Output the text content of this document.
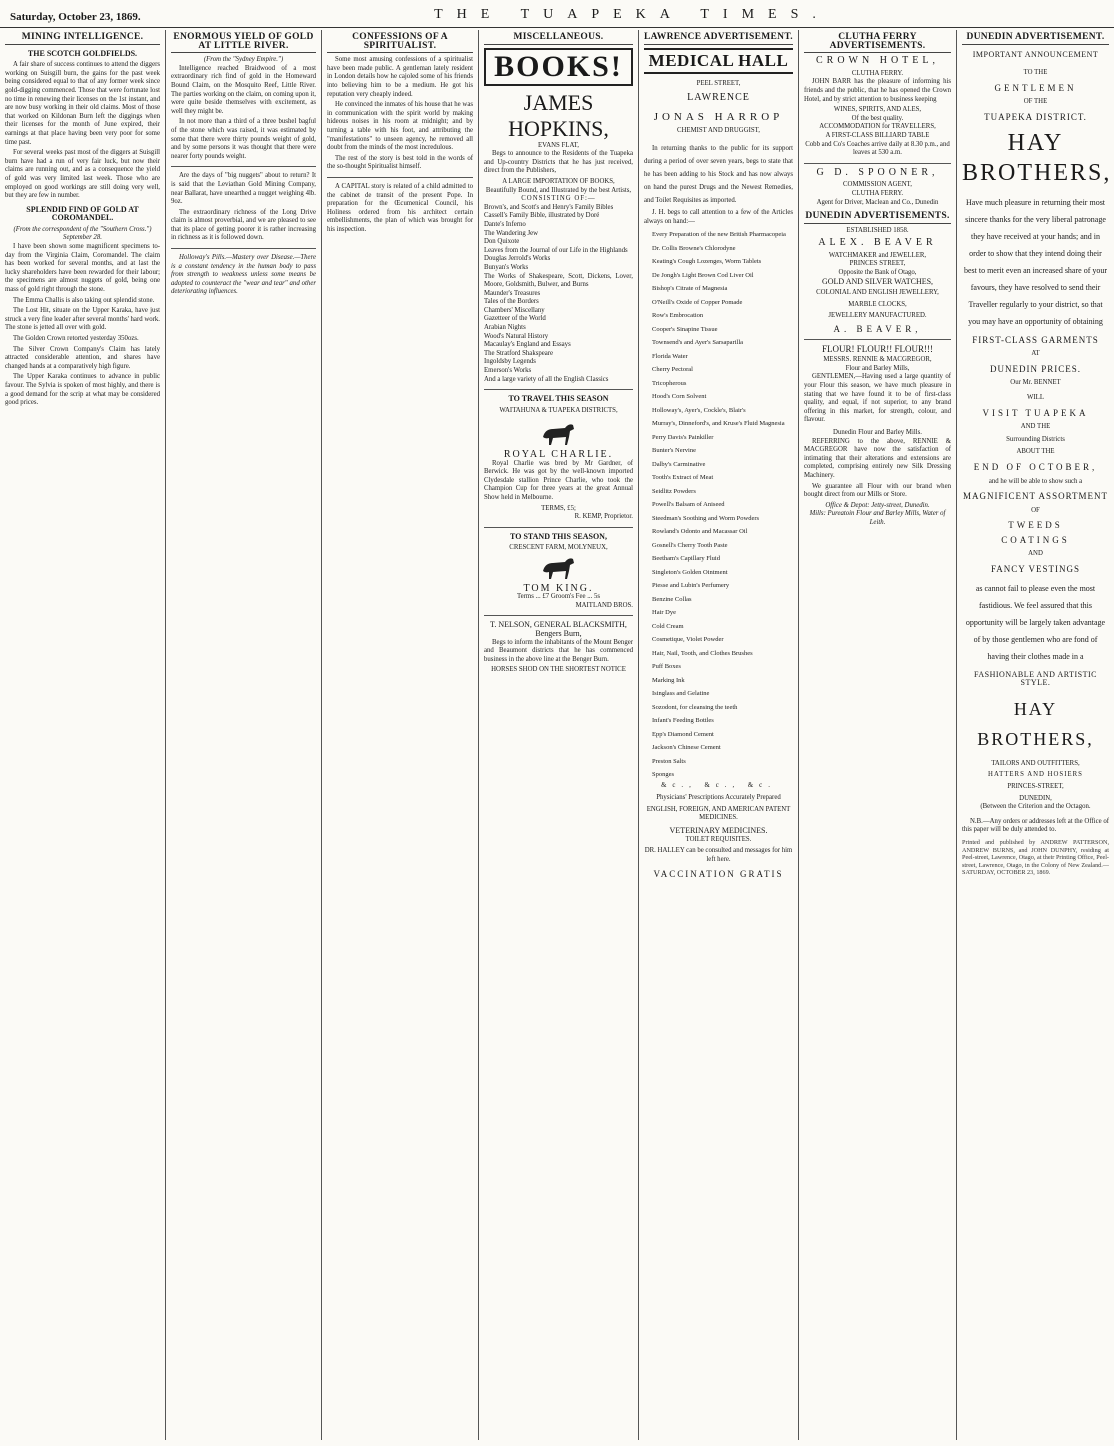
Saturday, October 23, 1869.	THE TUAPEKA TIMES.
MINING INTELLIGENCE.
THE SCOTCH GOLDFIELDS.

A fair share of success continues to attend the diggers working on Suisgill burn, the gains for the past week being considered equal to that of any former week since gold-digging commenced. Those that were fortunate lost no time in renewing their licenses on the 1st instant, and are now busy working in their old claims. Most of those that worked on Kildonan Burn left the diggings when their licenses for the month of June expired, their earnings at that place having been very poor for some time past.

For several weeks past most of the diggers at Suisgill burn have had a run of very fair luck, but now their claims are running out, and as a consequence the yield of gold was very limited last week. Those who are employed on good workings are still doing very well, but they are few in number.

SPLENDID FIND OF GOLD AT COROMANDEL.

(From the correspondent of the "Southern Cross.") September 28.

I have been shown some magnificent specimens to-day from the Virginia Claim, Coromandel. The claim has been worked for several months, and at last the lucky shareholders have been rewarded for their labour; the specimens are almost nuggets of gold, being one mass of gold right through the stone.

The Emma Challis is also taking out splendid stone.

The Lost Hit, situate on the Upper Karaka, have just struck a very fine leader after several months' hard work. The stone is jetted all over with gold.

The Golden Crown retorted yesterday 350ozs.

The Silver Crown Company's Claim has lately attracted considerable attention, and shares have changed hands at a comparatively high figure.

The Upper Karaka continues to advance in public favour. The Sylvia is spoken of most highly, and there is a good demand for the scrip at what may be considered good prices.

ENORMOUS YIELD OF GOLD AT LITTLE RIVER.

(From the "Sydney Empire.")

Intelligence reached Braidwood of a most extraordinary rich find of gold in the Homeward Bound Claim, on the Mosquito Reef, Little River. The parties working on the claim, on coming upon it, were quite beside themselves with excitement, as well they might be.

In not more than a third of a three bushel bagful of the stone which was raised, it was estimated by some that there were thirty pounds weight of gold, and by some persons it was thought that there were nearer forty pounds weight.

Are the days of "big nuggets" about to return? It is said that the Leviathan Gold Mining Company, near Ballarat, have unearthed a nugget weighing 4lb. 9oz.

The extraordinary richness of the Long Drive claim is almost proverbial, and we are pleased to see that its place of getting poorer it is rather increasing in richness as it is followed down.

Holloway's Pills.—Mastery over Disease.—There is a constant tendency in the human body to pass from strength to weakness unless some means be adopted to counteract the "wear and tear" and other deteriorating influences.

CONFESSIONS OF A SPIRITUALIST.

Some most amusing confessions of a spiritualist have been made public. A gentleman lately resident in London details how he cajoled some of his friends into believing him to be a medium. He got his reputation very cheaply indeed.

He convinced the inmates of his house that he was in communication with the spirit world by making hideous noises in his room at midnight; and by turning a table with his foot, and attributing the "manifestations" to unseen agency, he removed all doubt from the minds of the most incredulous.

The rest of the story is best told in the words of the so-thought Spiritualist himself.

A CAPITAL story is related of a child admitted to the cabinet de transit of the present Pope. In preparation for the Œcumenical Council, his Holiness ordered from his architect certain embellishments, the plan of which was brought for his inspection.

MISCELLANEOUS.
BOOKS!
JAMES HOPKINS,
EVANS FLAT,

Begs to announce to the Residents of the Tuapeka and Up-country Districts that he has just received, direct from the Publishers,

A LARGE IMPORTATION OF BOOKS,
Beautifully Bound, and Illustrated by the best Artists,
CONSISTING OF:—
Brown's, and Scott's and Henry's Family Bibles
Cassell's Family Bible, illustrated by Doré
Dante's Inferno
The Wandering Jew
Don Quixote
Leaves from the Journal of our Life in the Highlands
Douglas Jerrold's Works
Bunyan's Works
The Works of Shakespeare, Scott, Dickens, Lover, Moore, Goldsmith, Bulwer, and Burns
Maunder's Treasures
Tales of the Borders
Chambers' Miscellany
Gazetteer of the World
Arabian Nights
Wood's Natural History
Macaulay's England and Essays
The Stratford Shakspeare
Ingoldsby Legends
Emerson's Works
And a large variety of all the English Classics
TO TRAVEL THIS SEASON
WAITAHUNA & TUAPEKA DISTRICTS,
ROYAL CHARLIE.

Royal Charlie was bred by Mr Gardner, of Berwick. He was got by the well-known imported Clydesdale stallion Prince Charlie, who took the Champion Cup for three years at the great Annual Show held in Melbourne.

TERMS, £5;
R. KEMP, Proprietor.
TO STAND THIS SEASON,
CRESCENT FARM, MOLYNEUX,
TOM KING.
Terms ... £7 Groom's Fee ... 5s
MAITLAND BROS.
T. NELSON, GENERAL BLACKSMITH, Bengers Burn,

Begs to inform the inhabitants of the Mount Benger and Beaumont districts that he has commenced business in the above line at the Benger Burn.

HORSES SHOD ON THE SHORTEST NOTICE
LAWRENCE ADVERTISEMENT.
MEDICAL HALL
PEEL STREET,
LAWRENCE
JONAS HARROP
CHEMIST AND DRUGGIST,

In returning thanks to the public for its support during a period of over seven years, begs to state that he has been adding to his Stock and has now always on hand the purest Drugs and the Newest Remedies, and Toilet Requisites as imported.

J. H. begs to call attention to a few of the Articles always on hand:—

Every Preparation of the new British Pharmacopeia
Dr. Collis Browne's Chlorodyne
Keating's Cough Lozenges, Worm Tablets
De Jongh's Light Brown Cod Liver Oil
Bishop's Citrate of Magnesia
O'Neill's Oxide of Copper Pomade
Row's Embrocation
Cooper's Sinapine Tissue
Townsend's and Ayer's Sarsaparilla
Florida Water
Cherry Pectoral
Tricopherous
Hood's Corn Solvent
Holloway's, Ayer's, Cockle's, Blair's
Murray's, Dinneford's, and Kruse's Fluid Magnesia
Perry Davis's Painkiller
Bunter's Nervine
Dalby's Carminative
Tooth's Extract of Meat
Seidlitz Powders
Powell's Balsam of Aniseed
Steedman's Soothing and Worm Powders
Rowland's Odonto and Macassar Oil
Gosnell's Cherry Tooth Paste
Beetham's Capillary Fluid
Singleton's Golden Ointment
Piesse and Lubin's Perfumery
Benzine Collas
Hair Dye
Cold Cream
Cosmetique, Violet Powder
Hair, Nail, Tooth, and Clothes Brushes
Puff Boxes
Marking Ink
Isinglass and Gelatine
Sozodont, for cleansing the teeth
Infant's Feeding Bottles
Epp's Diamond Cement
Jackson's Chinese Cement
Preston Salts
Sponges
&c., &c., &c.
Physicians' Prescriptions Accurately Prepared
ENGLISH, FOREIGN, AND AMERICAN PATENT MEDICINES.
VETERINARY MEDICINES.
TOILET REQUISITES.
DR. HALLEY can be consulted and messages for him left here.
VACCINATION GRATIS
CLUTHA FERRY ADVERTISEMENTS.
CROWN HOTEL,
CLUTHA FERRY.

JOHN BARR has the pleasure of informing his friends and the public, that he has opened the Crown Hotel, and by strict attention to business keeping

WINES, SPIRITS, AND ALES,
Of the best quality.
ACCOMMODATION for TRAVELLERS,
A FIRST-CLASS BILLIARD TABLE

Cobb and Co's Coaches arrive daily at 8.30 p.m., and leaves at 530 a.m.

G D. SPOONER,
COMMISSION AGENT,
CLUTHA FERRY.
Agent for Driver, Maclean and Co., Dunedin
DUNEDIN ADVERTISEMENTS.
ESTABLISHED 1858.
ALEX. BEAVER
WATCHMAKER and JEWELLER,
PRINCES STREET,
Opposite the Bank of Otago,
GOLD AND SILVER WATCHES,
COLONIAL AND ENGLISH JEWELLERY,
MARBLE CLOCKS,
JEWELLERY MANUFACTURED.
A. BEAVER,
FLOUR! FLOUR!! FLOUR!!!
MESSRS. RENNIE & MACGREGOR,
Flour and Barley Mills,

GENTLEMEN,—Having used a large quantity of your Flour this season, we have much pleasure in stating that we have found it to be of first-class quality, and equal, if not superior, to any brand offering in this market, for strength, colour, and flavour.

Dunedin Flour and Barley Mills.

REFERRING to the above, RENNIE & MACGREGOR have now the satisfaction of intimating that their alterations and extensions are completed, comprising entirely new Silk Dressing Machinery.

We guarantee all Flour with our brand when bought direct from our Mills or Store.

Office & Depot: Jetty-street, Dunedin.

Mills: Pureatoin Flour and Barley Mills, Water of Leith.

DUNEDIN ADVERTISEMENT.
IMPORTANT ANNOUNCEMENT
TO THE
GENTLEMEN
OF THE
TUAPEKA DISTRICT.
HAY BROTHERS,

Have much pleasure in returning their most sincere thanks for the very liberal patronage they have received at your hands; and in order to show that they intend doing their best to merit even an increased share of your favours, they have resolved to send their Traveller regularly to your district, so that you may have an opportunity of obtaining

FIRST-CLASS GARMENTS
AT
DUNEDIN PRICES.
Our Mr. BENNET
WILL
VISIT TUAPEKA
AND THE
Surrounding Districts
ABOUT THE
END OF OCTOBER,
and he will be able to show such a
MAGNIFICENT ASSORTMENT
OF
TWEEDS
COATINGS
AND
FANCY VESTINGS

as cannot fail to please even the most fastidious. We feel assured that this opportunity will be largely taken advantage of by those gentlemen who are fond of having their clothes made in a

FASHIONABLE AND ARTISTIC STYLE.
HAY BROTHERS,
TAILORS AND OUTFITTERS,
HATTERS AND HOSIERS
PRINCES-STREET,
DUNEDIN,
(Between the Criterion and the Octagon.

N.B.—Any orders or addresses left at the Office of this paper will be duly attended to.

Printed and published by ANDREW PATTERSON, ANDREW BURNS, and JOHN DUNPHY, residing at Peel-street, Lawrence, Otago, at their Printing Office, Peel-street, Lawrence, Otago, in the Colony of New Zealand.—SATURDAY, OCTOBER 23, 1869.
